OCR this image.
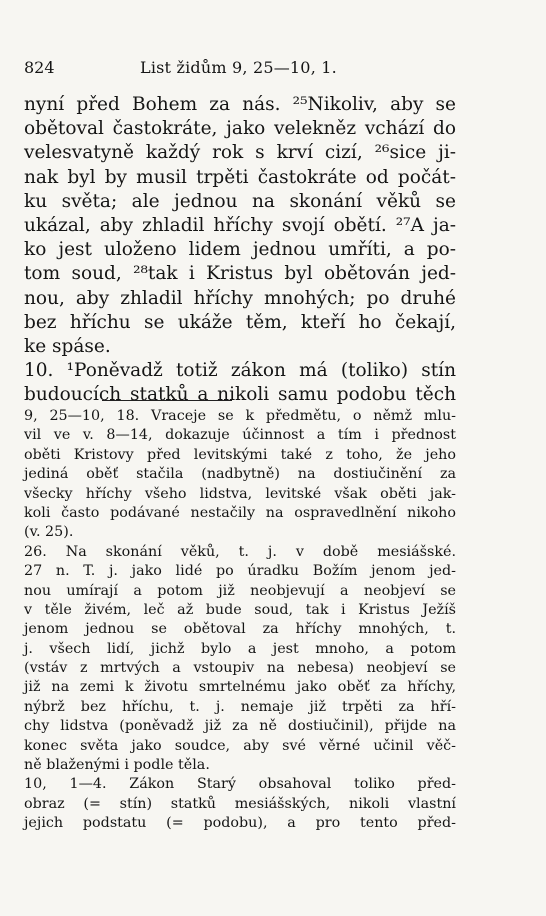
824	List židům 9, 25—10, 1.
nyní před Bohem za nás. ²⁵Nikoliv, aby se
obětoval častokráte, jako velekněz vchází do
velesvatyně každý rok s krví cizí, ²⁶sice ji-
nak byl by musil trpěti častokráte od počát-
ku světa; ale jednou na skonání věků se
ukázal, aby zhladil hříchy svojí obětí. ²⁷A ja-
ko jest uloženo lidem jednou umříti, a po-
tom soud, ²⁸tak i Kristus byl obětován jed-
nou, aby zhladil hříchy mnohých; po druhé
bez hříchu se ukáže těm, kteří ho čekají,
ke spáse.
10. ¹Poněvadž totiž zákon má (toliko) stín
budoucích statků a nikoli samu podobu těch
9, 25—10, 18. Vraceje se k předmětu, o němž mlu-
vil ve v. 8—14, dokazuje účinnost a tím i přednost
oběti Kristovy před levitskými také z toho, že jeho
jediná oběť stačila (nadbytně) na dostiučinění za
všecky hříchy všeho lidstva, levitské však oběti jak-
koli často podávané nestačily na ospravedlnění nikoho
(v. 25).
26. Na skonání věků, t. j. v době mesiášské.
27 n. T. j. jako lidé po úradku Božím jenom jed-
nou umírají a potom již neobjevují a neobjeví se
v těle živém, leč až bude soud, tak i Kristus Ježíš
jenom jednou se obětoval za hříchy mnohých, t.
j. všech lidí, jichž bylo a jest mnoho, a potom
(vstáv z mrtvých a vstoupiv na nebesa) neobjeví se
již na zemi k životu smrtelnému jako oběť za hříchy,
nýbrž bez hříchu, t. j. nemaje již trpěti za hří-
chy lidstva (poněvadž již za ně dostiučinil), přijde na
konec světa jako soudce, aby své věrné učinil věč-
ně blaženými i podle těla.
10, 1—4. Zákon Starý obsahoval toliko před-
obraz (= stín) statků mesiášských, nikoli vlastní
jejich podstatu (= podobu), a pro tento před-
